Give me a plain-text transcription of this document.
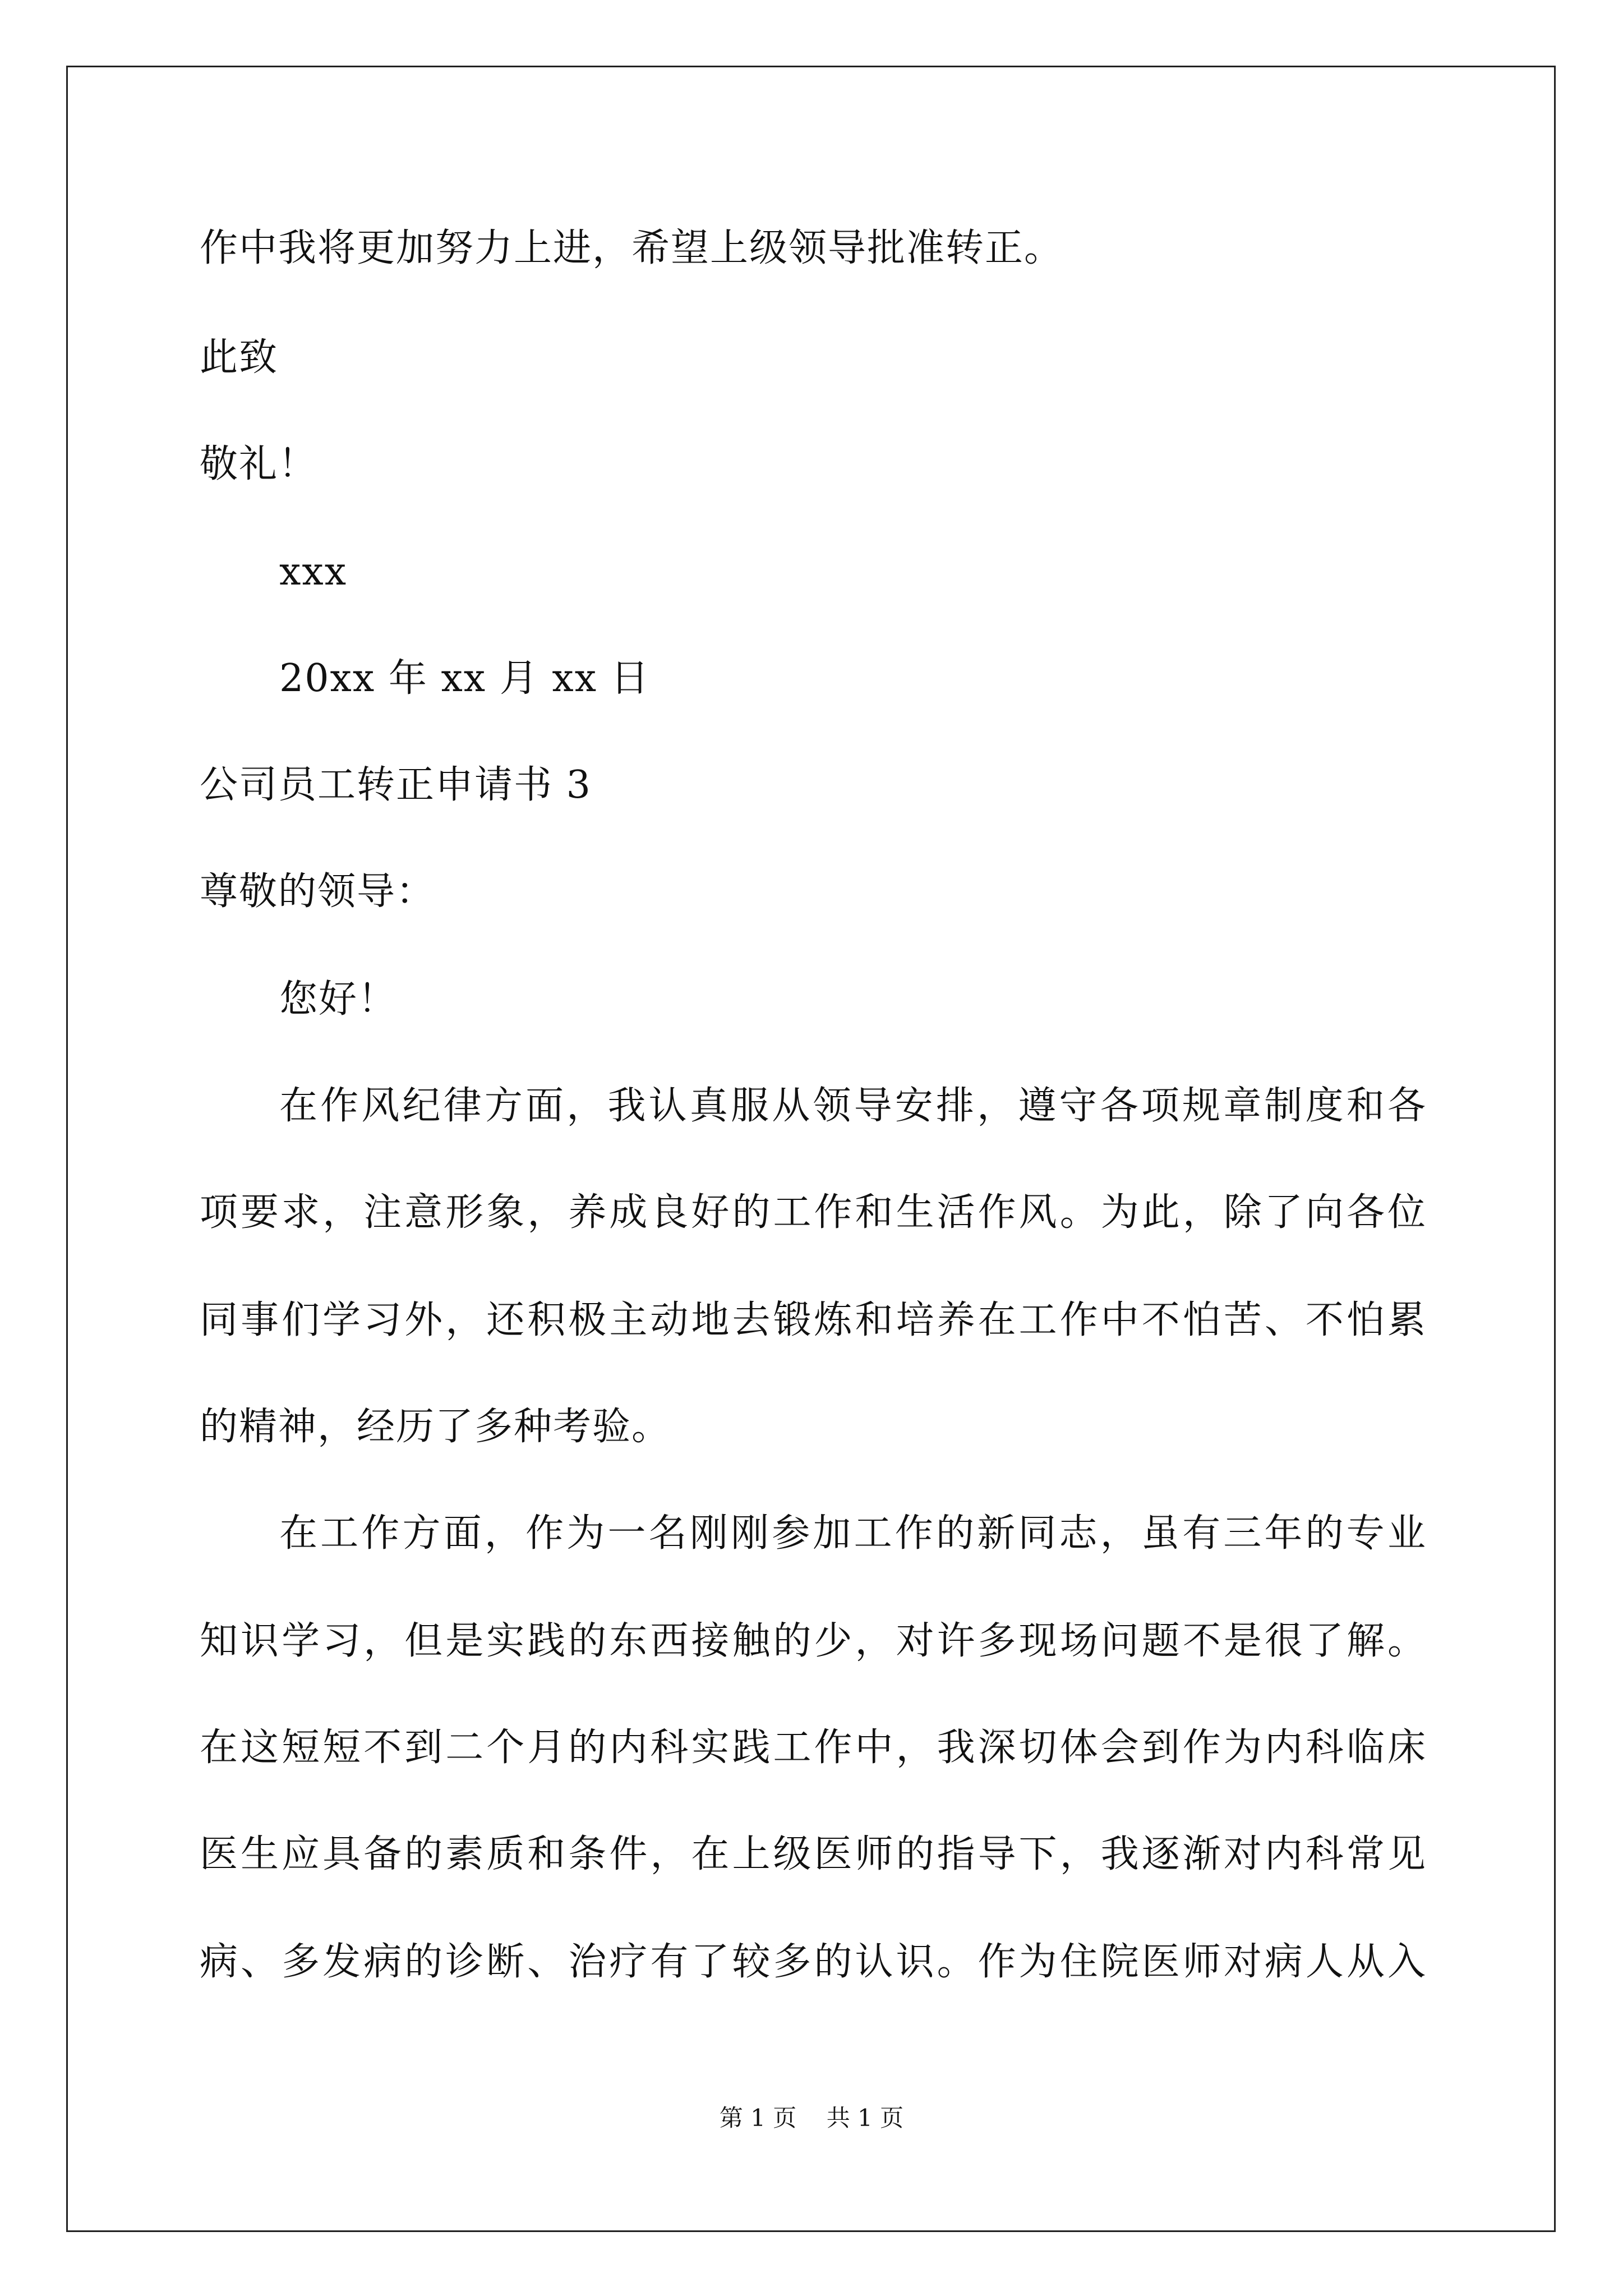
作中我将更加努力上进，希望上级领导批准转正。
此致
敬礼！
xxx
20xx 年 xx 月 xx 日
公司员工转正申请书 3
尊敬的领导：
您好！
在作风纪律方面，我认真服从领导安排，遵守各项规章制度和各
项要求，注意形象，养成良好的工作和生活作风。为此，除了向各位
同事们学习外，还积极主动地去锻炼和培养在工作中不怕苦、不怕累
的精神，经历了多种考验。
在工作方面，作为一名刚刚参加工作的新同志，虽有三年的专业
知识学习，但是实践的东西接触的少，对许多现场问题不是很了解。
在这短短不到二个月的内科实践工作中，我深切体会到作为内科临床
医生应具备的素质和条件，在上级医师的指导下，我逐渐对内科常见
病、多发病的诊断、治疗有了较多的认识。作为住院医师对病人从入
第 1 页    共 1 页
